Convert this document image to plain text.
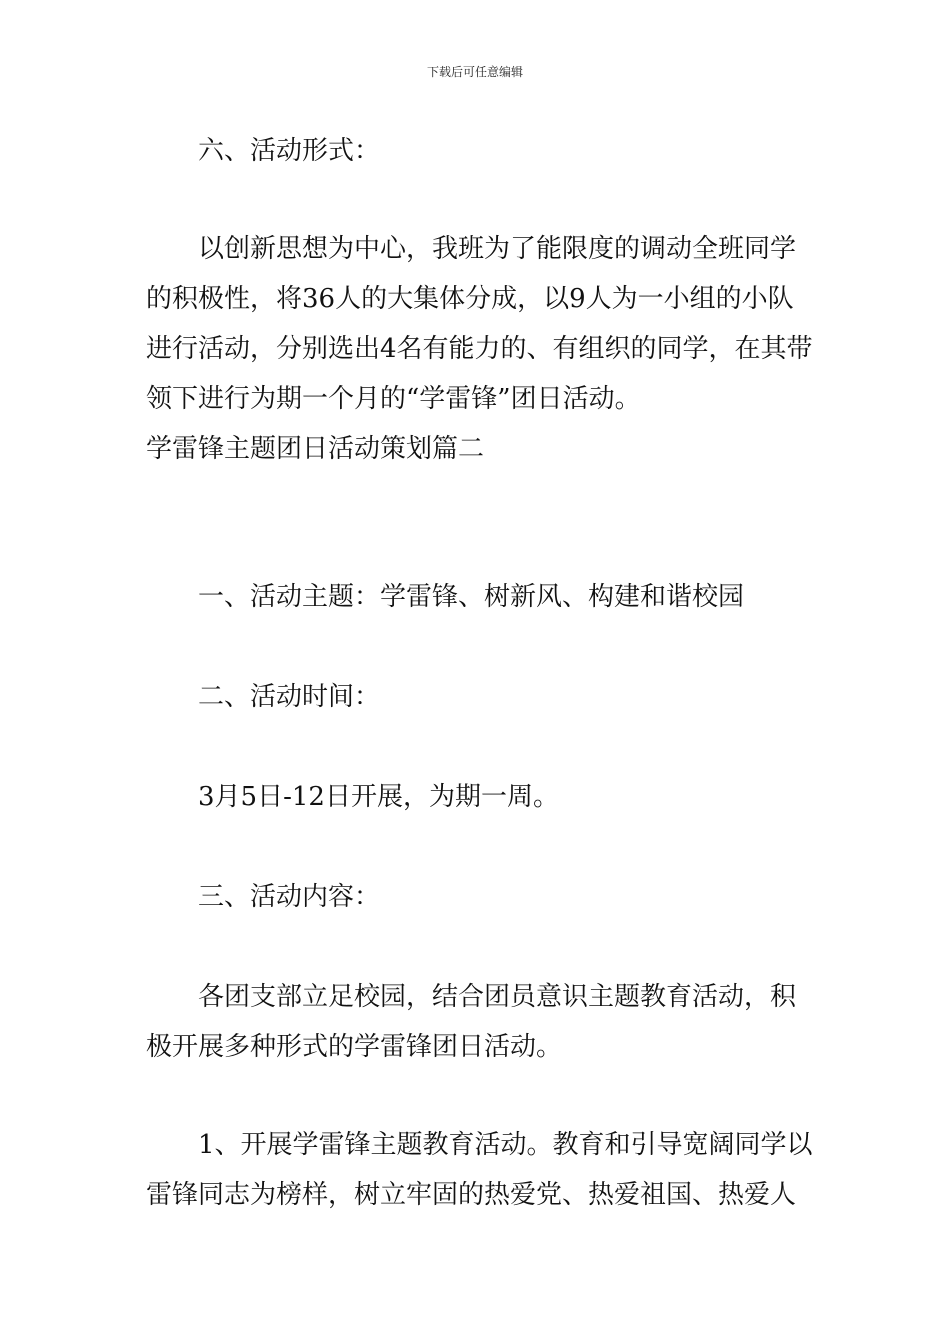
下载后可任意编辑
六、活动形式：
以创新思想为中心，我班为了能限度的调动全班同学
的积极性，将36人的大集体分成，以9人为一小组的小队
进行活动，分别选出4名有能力的、有组织的同学，在其带
领下进行为期一个月的“学雷锋”团日活动。
学雷锋主题团日活动策划篇二
一、活动主题：学雷锋、树新风、构建和谐校园
二、活动时间：
3月5日-12日开展，为期一周。
三、活动内容：
各团支部立足校园，结合团员意识主题教育活动，积
极开展多种形式的学雷锋团日活动。
1、开展学雷锋主题教育活动。教育和引导宽阔同学以
雷锋同志为榜样，树立牢固的热爱党、热爱祖国、热爱人
